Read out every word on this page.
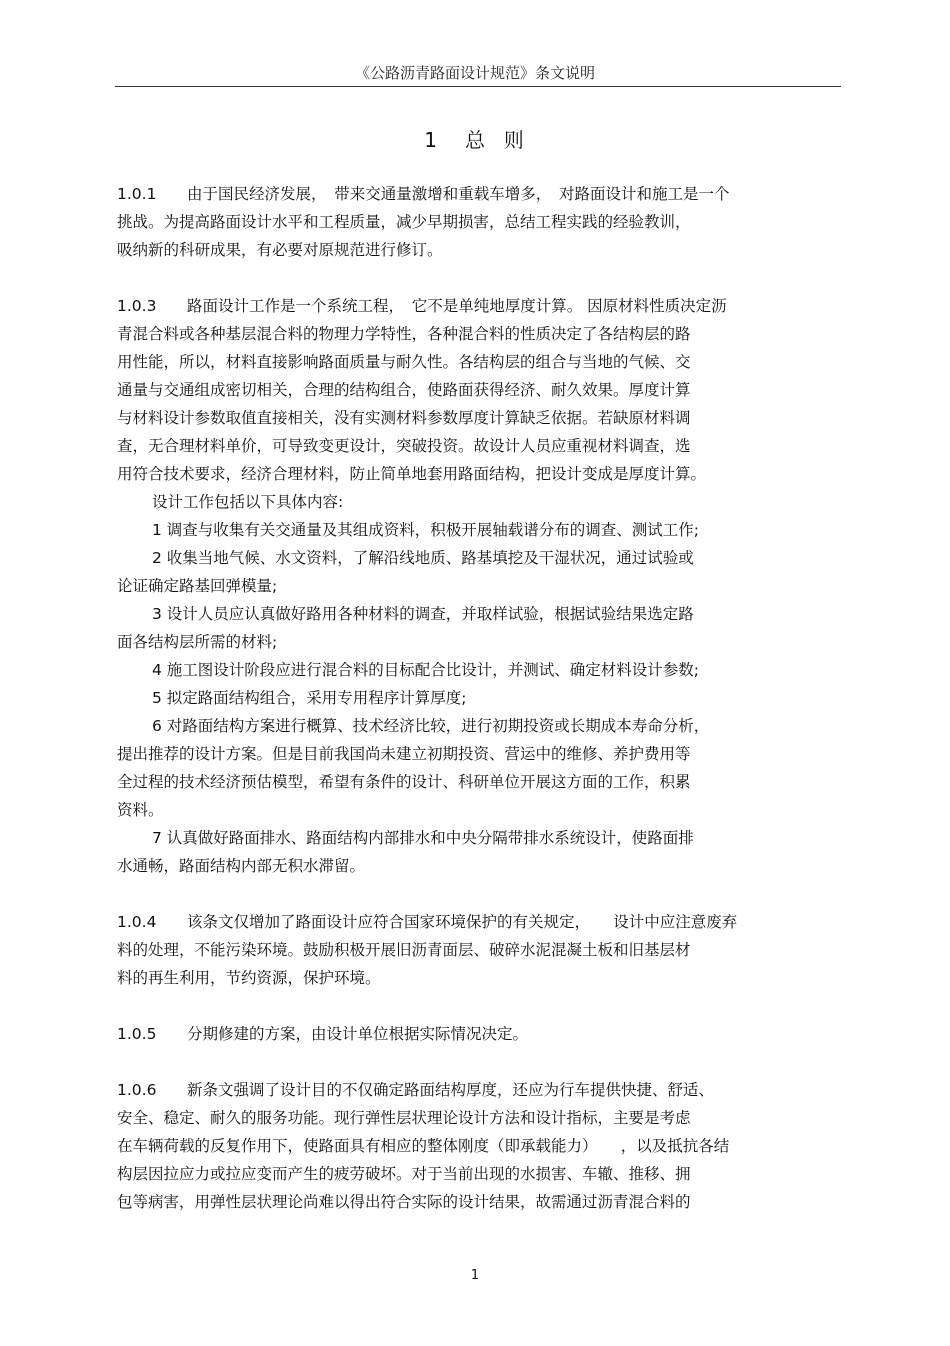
《公路沥青路面设计规范》条文说明
1 总  则
1.0.1 由于国民经济发展，　带来交通量激增和重载车增多，　对路面设计和施工是一个
挑战。为提高路面设计水平和工程质量，减少早期损害，总结工程实践的经验教训，
吸纳新的科研成果，有必要对原规范进行修订。
1.0.3 路面设计工作是一个系统工程，　它不是单纯地厚度计算。 因原材料性质决定沥
青混合料或各种基层混合料的物理力学特性，各种混合料的性质决定了各结构层的路
用性能，所以，材料直接影响路面质量与耐久性。各结构层的组合与当地的气候、交
通量与交通组成密切相关，合理的结构组合，使路面获得经济、耐久效果。厚度计算
与材料设计参数取值直接相关，没有实测材料参数厚度计算缺乏依据。若缺原材料调
查，无合理材料单价，可导致变更设计，突破投资。故设计人员应重视材料调查，选
用符合技术要求，经济合理材料，防止简单地套用路面结构，把设计变成是厚度计算。
设计工作包括以下具体内容:
1 调查与收集有关交通量及其组成资料，积极开展轴载谱分布的调查、测试工作;
2 收集当地气候、水文资料，了解沿线地质、路基填挖及干湿状况，通过试验或
论证确定路基回弹模量;
3 设计人员应认真做好路用各种材料的调查，并取样试验，根据试验结果选定路
面各结构层所需的材料;
4 施工图设计阶段应进行混合料的目标配合比设计，并测试、确定材料设计参数;
5 拟定路面结构组合，采用专用程序计算厚度;
6 对路面结构方案进行概算、技术经济比较，进行初期投资或长期成本寿命分析，
提出推荐的设计方案。但是目前我国尚未建立初期投资、营运中的维修、养护费用等
全过程的技术经济预估模型，希望有条件的设计、科研单位开展这方面的工作，积累
资料。
7 认真做好路面排水、路面结构内部排水和中央分隔带排水系统设计，使路面排
水通畅，路面结构内部无积水滞留。
1.0.4 该条文仅增加了路面设计应符合国家环境保护的有关规定，　　设计中应注意废弃
料的处理，不能污染环境。鼓励积极开展旧沥青面层、破碎水泥混凝土板和旧基层材
料的再生利用，节约资源，保护环境。
1.0.5 分期修建的方案，由设计单位根据实际情况决定。
1.0.6 新条文强调了设计目的不仅确定路面结构厚度，还应为行车提供快捷、舒适、
安全、稳定、耐久的服务功能。现行弹性层状理论设计方法和设计指标，主要是考虑
在车辆荷载的反复作用下，使路面具有相应的整体刚度（即承载能力）　　，以及抵抗各结
构层因拉应力或拉应变而产生的疲劳破坏。对于当前出现的水损害、车辙、推移、拥
包等病害，用弹性层状理论尚难以得出符合实际的设计结果，故需通过沥青混合料的
1
